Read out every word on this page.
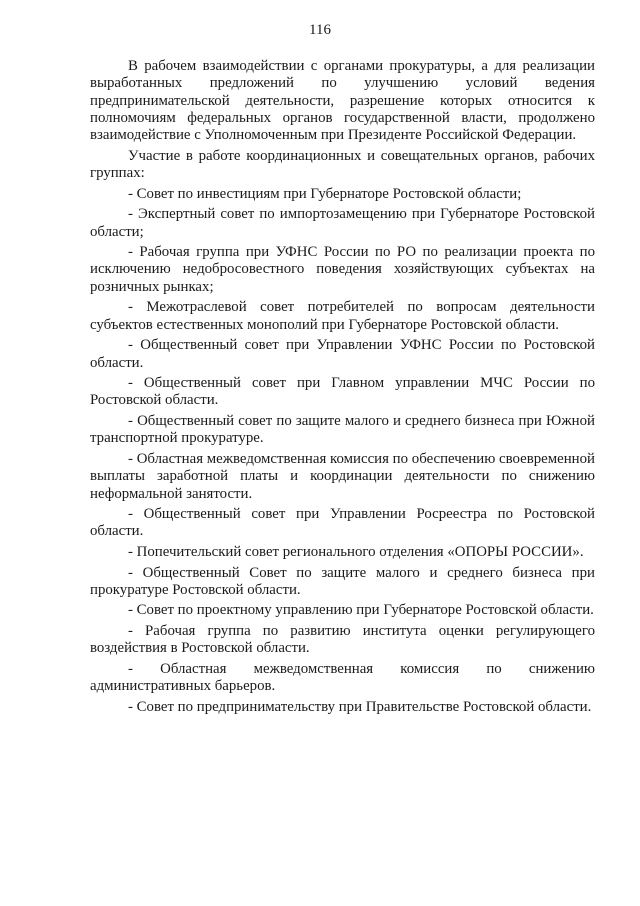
116

В рабочем взаимодействии с органами прокуратуры, а для реализации выработанных предложений по улучшению условий ведения предпринимательской деятельности, разрешение которых относится к полномочиям федеральных органов государственной власти, продолжено взаимодействие с Уполномоченным при Президенте Российской Федерации.

Участие в работе координационных и совещательных органов, рабочих группах:

- Совет по инвестициям при Губернаторе Ростовской области;

- Экспертный совет по импортозамещению при Губернаторе Ростовской области;

- Рабочая группа при УФНС России по РО по реализации проекта по исключению недобросовестного поведения хозяйствующих субъектах на розничных рынках;

- Межотраслевой совет потребителей по вопросам деятельности субъектов естественных монополий при Губернаторе Ростовской области.

- Общественный совет при Управлении УФНС России по Ростовской области.

- Общественный совет при Главном управлении МЧС России по Ростовской области.

- Общественный совет по защите малого и среднего бизнеса при Южной транспортной прокуратуре.

- Областная межведомственная комиссия по обеспечению своевременной выплаты заработной платы и координации деятельности по снижению неформальной занятости.

- Общественный совет при Управлении Росреестра по Ростовской области.

- Попечительский совет регионального отделения «ОПОРЫ РОССИИ».

- Общественный Совет по защите малого и среднего бизнеса при прокуратуре Ростовской области.

- Совет по проектному управлению при Губернаторе Ростовской области.

- Рабочая группа по развитию института оценки регулирующего воздействия в Ростовской области.

- Областная межведомственная комиссия по снижению административных барьеров.

- Совет по предпринимательству при Правительстве Ростовской области.
